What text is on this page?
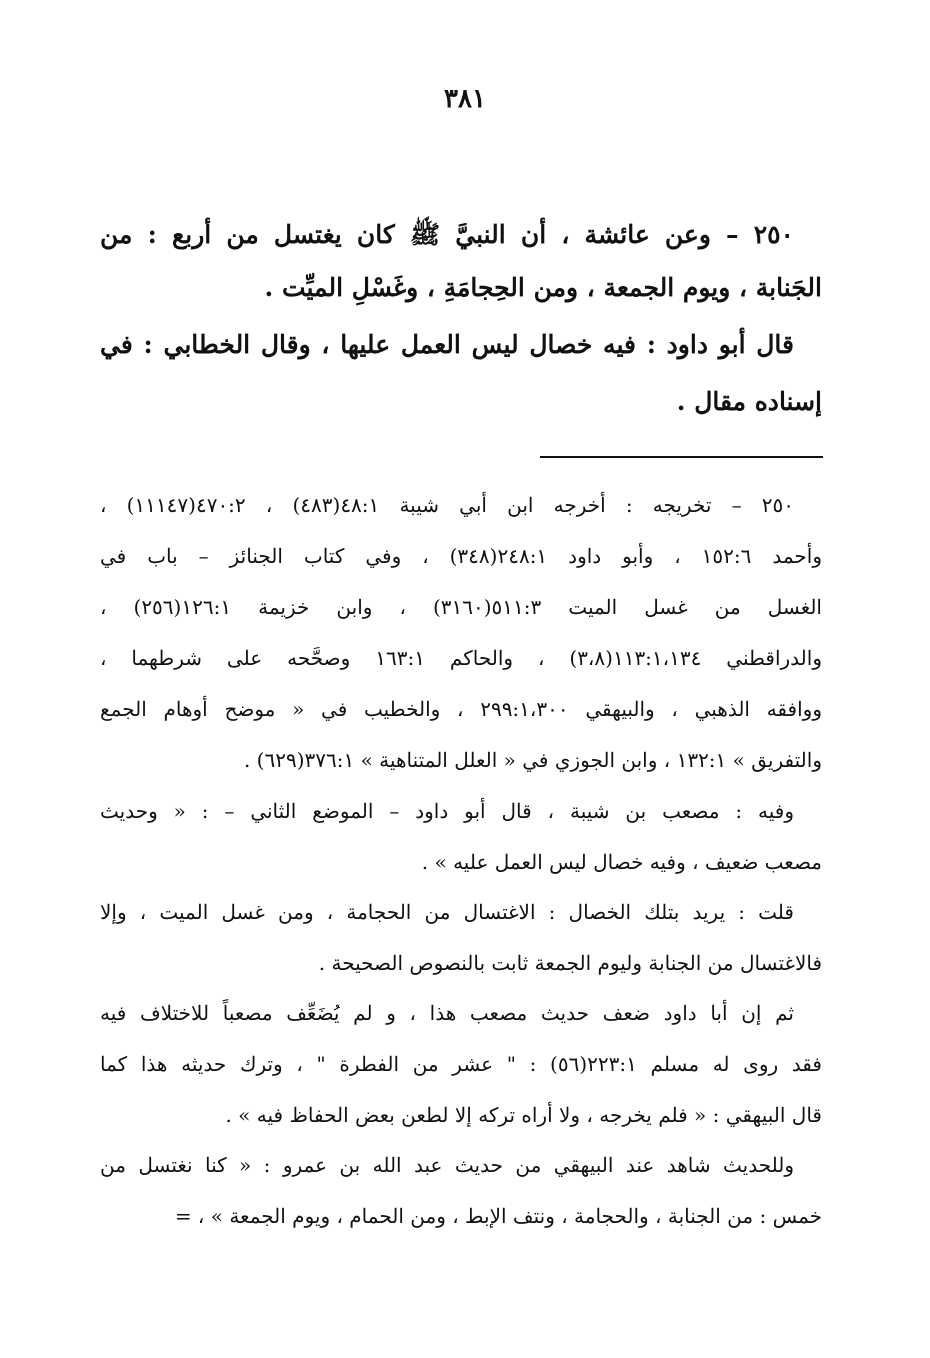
٣٨١
٢٥٠ – وعن عائشة ، أن النبيَّ ﷺ كان يغتسل من أربع : من
الجَنابة ، ويوم الجمعة ، ومن الحِجامَةِ ، وغَسْلِ الميِّت .
قال أبو داود : فيه خصال ليس العمل عليها ، وقال الخطابي : في
إسناده مقال .
٢٥٠ – تخريجه : أخرجه ابن أبي شيبة ٤٨:١(٤٨٣) ، ٤٧٠:٢(١١١٤٧) ،
وأحمد ١٥٢:٦ ، وأبو داود ٢٤٨:١(٣٤٨) ، وفي كتاب الجنائز – باب في
الغسل من غسل الميت ٥١١:٣(٣١٦٠) ، وابن خزيمة ١٢٦:١(٢٥٦) ،
والدراقطني ١١٣:١،١٣٤(٣،٨) ، والحاكم ١٦٣:١ وصحَّحه على شرطهما ،
ووافقه الذهبي ، والبيهقي ٢٩٩:١،٣٠٠ ، والخطيب في « موضح أوهام الجمع
والتفريق » ١٣٢:١ ، وابن الجوزي في « العلل المتناهية » ٣٧٦:١(٦٢٩) .
وفيه : مصعب بن شيبة ، قال أبو داود – الموضع الثاني – : « وحديث
مصعب ضعيف ، وفيه خصال ليس العمل عليه » .
قلت : يريد بتلك الخصال : الاغتسال من الحجامة ، ومن غسل الميت ، وإلا
فالاغتسال من الجنابة وليوم الجمعة ثابت بالنصوص الصحيحة .
ثم إن أبا داود ضعف حديث مصعب هذا ، و لم يُضَعِّف مصعباً للاختلاف فيه
فقد روى له مسلم ٢٢٣:١(٥٦) : " عشر من الفطرة " ، وترك حديثه هذا كما
قال البيهقي : « فلم يخرجه ، ولا أراه تركه إلا لطعن بعض الحفاظ فيه » .
وللحديث شاهد عند البيهقي من حديث عبد الله بن عمرو : « كنا نغتسل من
خمس : من الجنابة ، والحجامة ، ونتف الإبط ، ومن الحمام ، ويوم الجمعة » ، =
